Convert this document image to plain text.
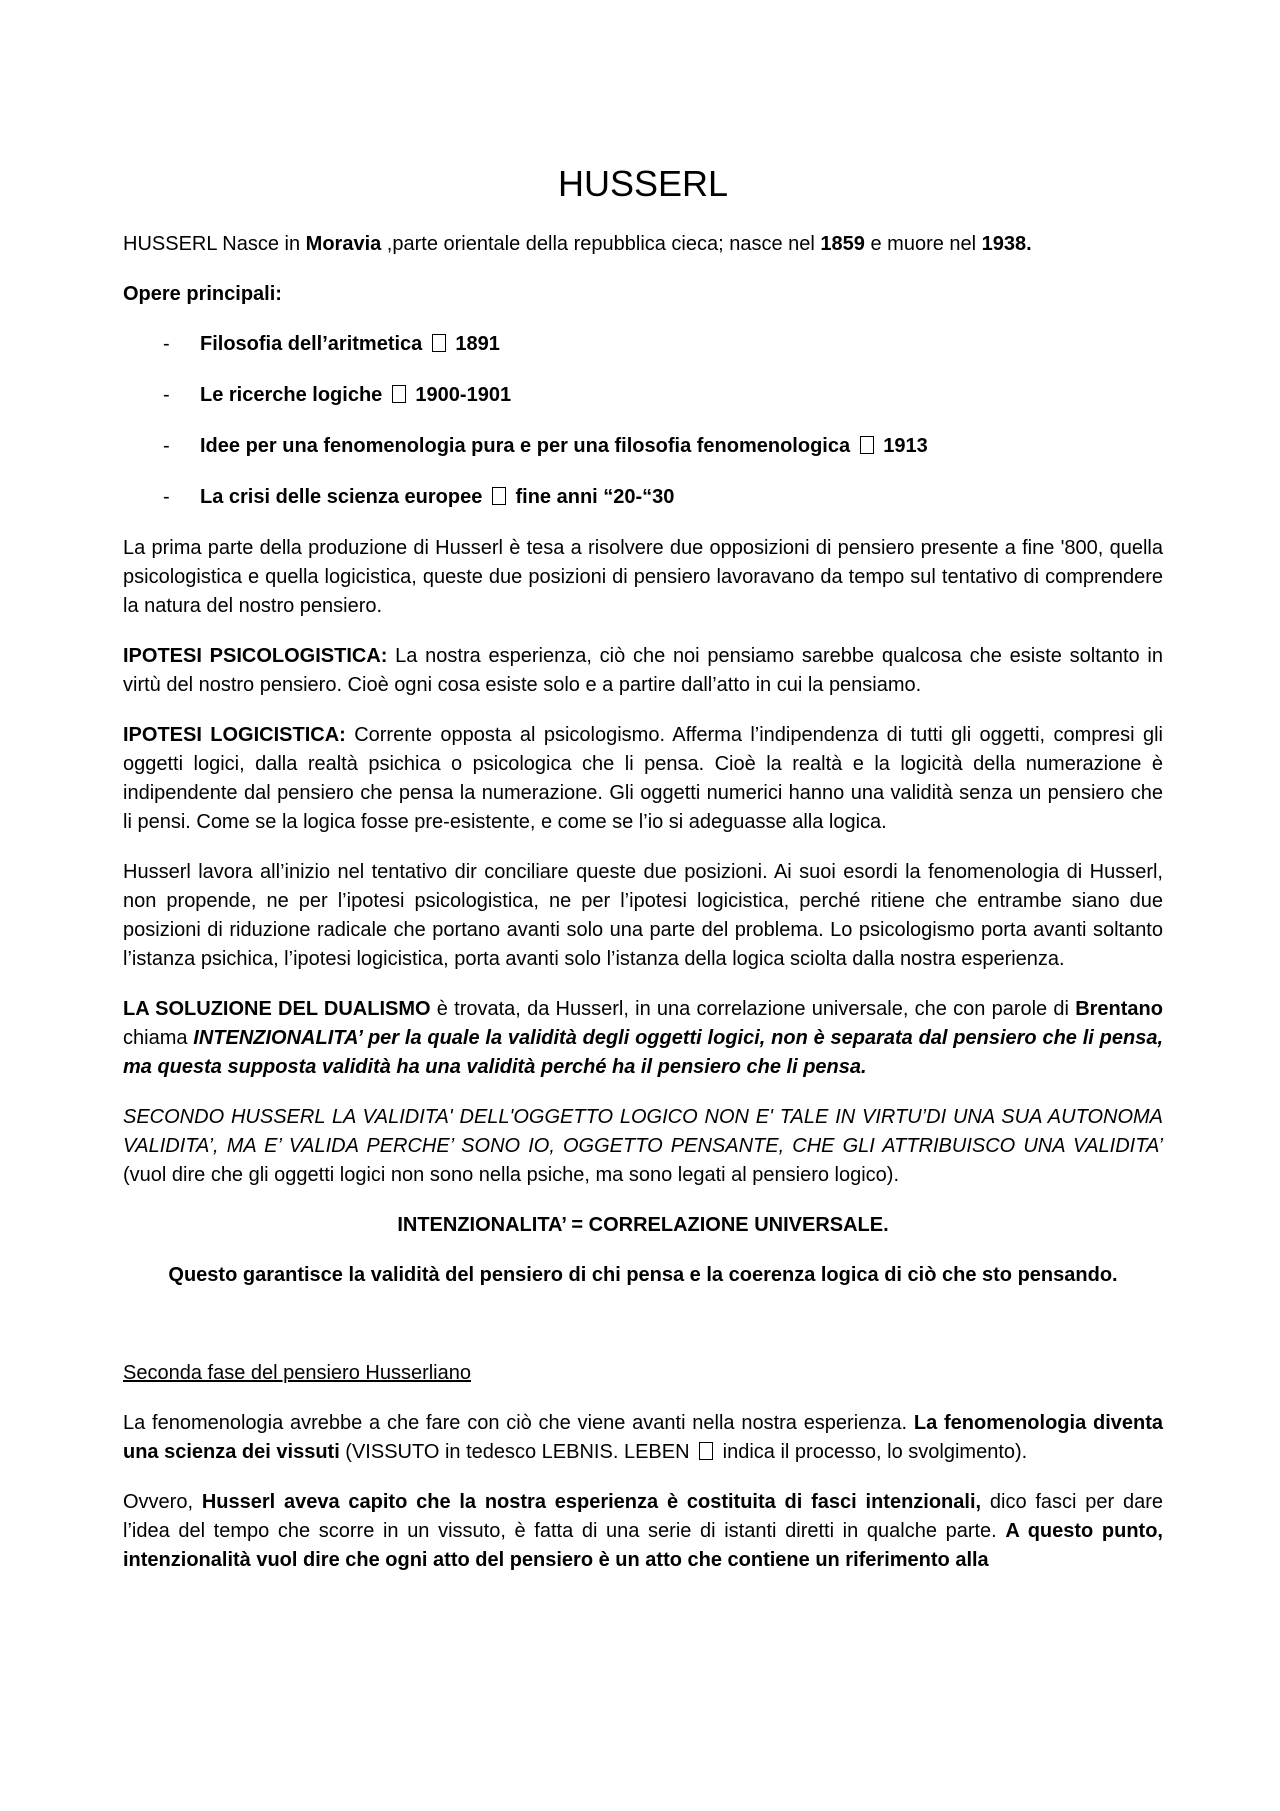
HUSSERL

HUSSERL Nasce in Moravia ,parte orientale della repubblica cieca; nasce nel 1859 e muore nel 1938.

Opere principali:

- Filosofia dell’aritmetica 1891
- Le ricerche logiche 1900-1901
- Idee per una fenomenologia pura e per una filosofia fenomenologica 1913
- La crisi delle scienza europee fine anni “20-“30

La prima parte della produzione di Husserl è tesa a risolvere due opposizioni di pensiero presente a fine '800, quella psicologistica e quella logicistica, queste due posizioni di pensiero lavoravano da tempo sul tentativo di comprendere la natura del nostro pensiero.

IPOTESI PSICOLOGISTICA: La nostra esperienza, ciò che noi pensiamo sarebbe qualcosa che esiste soltanto in virtù del nostro pensiero. Cioè ogni cosa esiste solo e a partire dall’atto in cui la pensiamo.

IPOTESI LOGICISTICA: Corrente opposta al psicologismo. Afferma l’indipendenza di tutti gli oggetti, compresi gli oggetti logici, dalla realtà psichica o psicologica che li pensa. Cioè la realtà e la logicità della numerazione è indipendente dal pensiero che pensa la numerazione. Gli oggetti numerici hanno una validità senza un pensiero che li pensi. Come se la logica fosse pre-esistente, e come se l’io si adeguasse alla logica.

Husserl lavora all’inizio nel tentativo dir conciliare queste due posizioni. Ai suoi esordi la fenomenologia di Husserl, non propende, ne per l’ipotesi psicologistica, ne per l’ipotesi logicistica, perché ritiene che entrambe siano due posizioni di riduzione radicale che portano avanti solo una parte del problema. Lo psicologismo porta avanti soltanto l’istanza psichica, l’ipotesi logicistica, porta avanti solo l’istanza della logica sciolta dalla nostra esperienza.

LA SOLUZIONE DEL DUALISMO è trovata, da Husserl, in una correlazione universale, che con parole di Brentano chiama INTENZIONALITA’ per la quale la validità degli oggetti logici, non è separata dal pensiero che li pensa, ma questa supposta validità ha una validità perché ha il pensiero che li pensa.

SECONDO HUSSERL LA VALIDITA' DELL'OGGETTO LOGICO NON E' TALE IN VIRTU’DI UNA SUA AUTONOMA VALIDITA’, MA E’ VALIDA PERCHE’ SONO IO, OGGETTO PENSANTE, CHE GLI ATTRIBUISCO UNA VALIDITA’ (vuol dire che gli oggetti logici non sono nella psiche, ma sono legati al pensiero logico).

INTENZIONALITA’ = CORRELAZIONE UNIVERSALE.

Questo garantisce la validità del pensiero di chi pensa e la coerenza logica di ciò che sto pensando.

Seconda fase del pensiero Husserliano

La fenomenologia avrebbe a che fare con ciò che viene avanti nella nostra esperienza. La fenomenologia diventa una scienza dei vissuti (VISSUTO in tedesco LEBNIS. LEBEN  indica il processo, lo svolgimento).

Ovvero, Husserl aveva capito che la nostra esperienza è costituita di fasci intenzionali, dico fasci per dare l’idea del tempo che scorre in un vissuto, è fatta di una serie di istanti diretti in qualche parte. A questo punto, intenzionalità vuol dire che ogni atto del pensiero è un atto che contiene un riferimento alla
